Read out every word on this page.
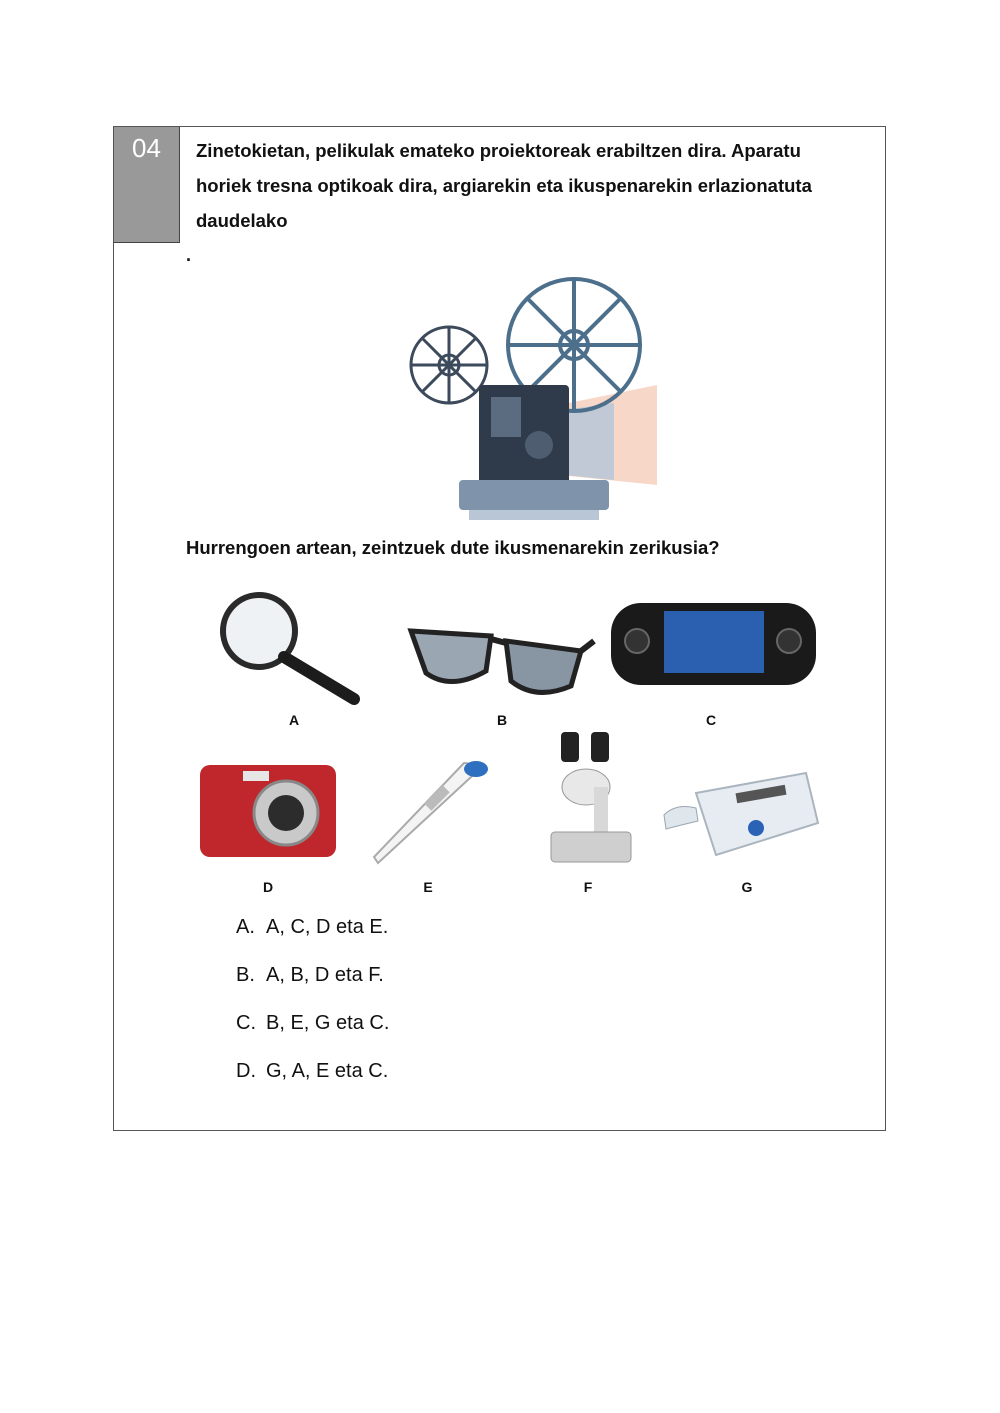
04	Zinetokietan, pelikulak emateko proiektoreak erabiltzen dira. Aparatu
horiek tresna optikoak dira, argiarekin eta ikuspenarekin erlazionatuta
daudelako
.
Hurrengoen artean, zeintzuek dute ikusmenarekin zerikusia?
A	B	C
D	E	F	G
A. A, C, D eta E.
B. A, B, D eta F.
C. B, E, G eta C.
D. G, A, E eta C.
